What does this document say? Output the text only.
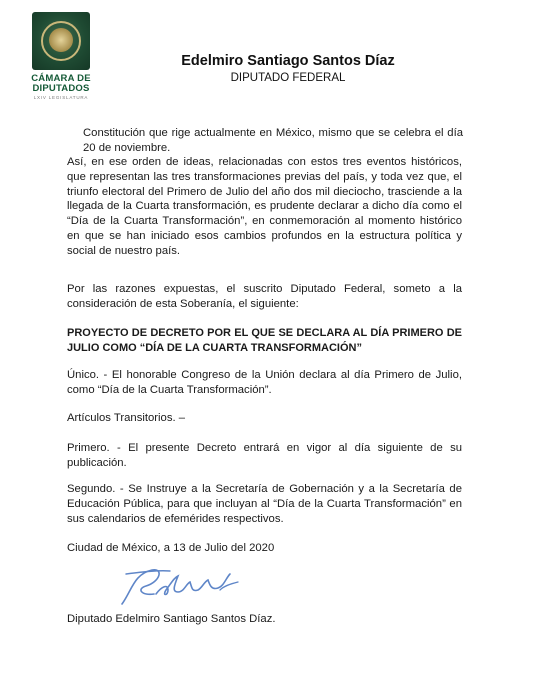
CÁMARA DE
DIPUTADOS
LXIV LEGISLATURA
Edelmiro Santiago Santos Díaz
DIPUTADO FEDERAL

Constitución que rige actualmente en México, mismo que se celebra el día 20 de noviembre.

Así, en ese orden de ideas, relacionadas con estos tres eventos históricos, que representan las tres transformaciones previas del país, y toda vez que, el triunfo electoral del Primero de Julio del año dos mil dieciocho, trasciende a la llegada de la Cuarta transformación, es prudente declarar a dicho día como el “Día de la Cuarta Transformación”, en conmemoración al momento histórico en que se han iniciado esos cambios profundos en la estructura política y social de nuestro país.

Por las razones expuestas, el suscrito Diputado Federal, someto a la consideración de esta Soberanía, el siguiente:

PROYECTO DE DECRETO POR EL QUE SE DECLARA AL DÍA PRIMERO DE JULIO COMO “DÍA DE LA CUARTA TRANSFORMACIÓN”

Único. - El honorable Congreso de la Unión declara al día Primero de Julio, como “Día de la Cuarta Transformación”.

Artículos Transitorios. –

Primero. - El presente Decreto entrará en vigor al día siguiente de su publicación.

Segundo. - Se Instruye a la Secretaría de Gobernación y a la Secretaría de Educación Pública, para que incluyan al “Día de la Cuarta Transformación” en sus calendarios de efemérides respectivos.

Ciudad de México, a 13 de Julio del 2020

Diputado Edelmiro Santiago Santos Díaz.
